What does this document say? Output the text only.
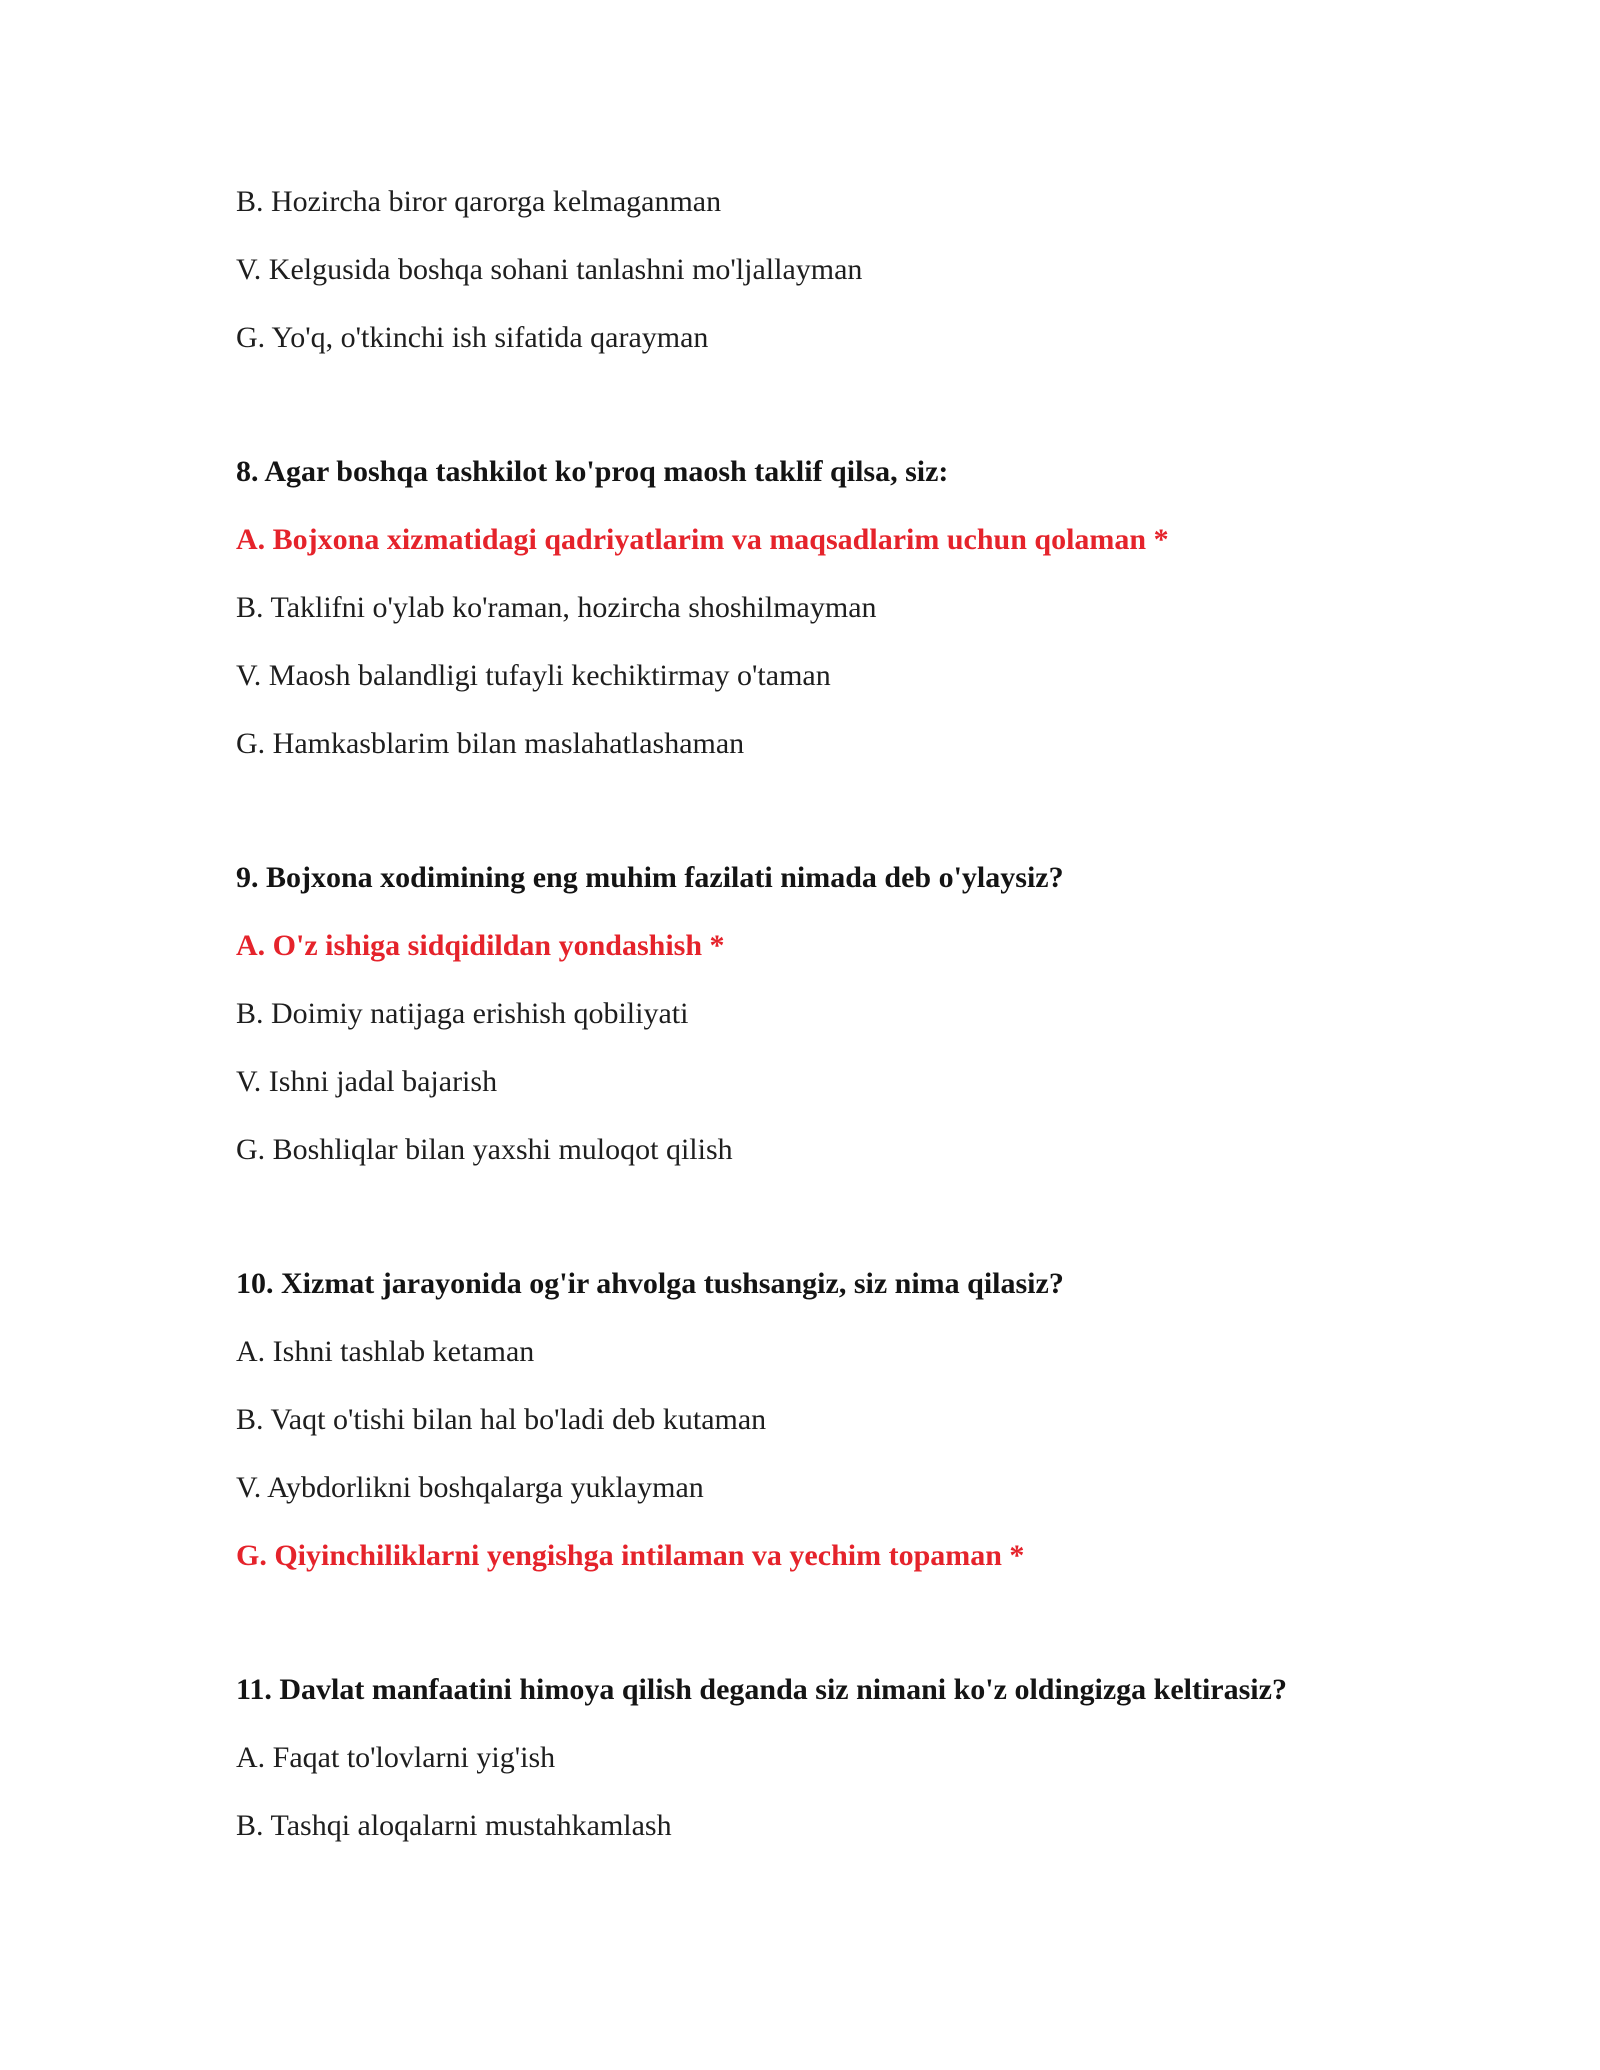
B. Hozircha biror qarorga kelmaganman
V. Kelgusida boshqa sohani tanlashni mo'ljallayman
G. Yo'q, o'tkinchi ish sifatida qarayman
8. Agar boshqa tashkilot ko'proq maosh taklif qilsa, siz:
A. Bojxona xizmatidagi qadriyatlarim va maqsadlarim uchun qolaman *
B. Taklifni o'ylab ko'raman, hozircha shoshilmayman
V. Maosh balandligi tufayli kechiktirmay o'taman
G. Hamkasblarim bilan maslahatlashaman
9. Bojxona xodimining eng muhim fazilati nimada deb o'ylaysiz?
A. O'z ishiga sidqidildan yondashish *
B. Doimiy natijaga erishish qobiliyati
V. Ishni jadal bajarish
G. Boshliqlar bilan yaxshi muloqot qilish
10. Xizmat jarayonida og'ir ahvolga tushsangiz, siz nima qilasiz?
A. Ishni tashlab ketaman
B. Vaqt o'tishi bilan hal bo'ladi deb kutaman
V. Aybdorlikni boshqalarga yuklayman
G. Qiyinchiliklarni yengishga intilaman va yechim topaman *
11. Davlat manfaatini himoya qilish deganda siz nimani ko'z oldingizga keltirasiz?
A. Faqat to'lovlarni yig'ish
B. Tashqi aloqalarni mustahkamlash
